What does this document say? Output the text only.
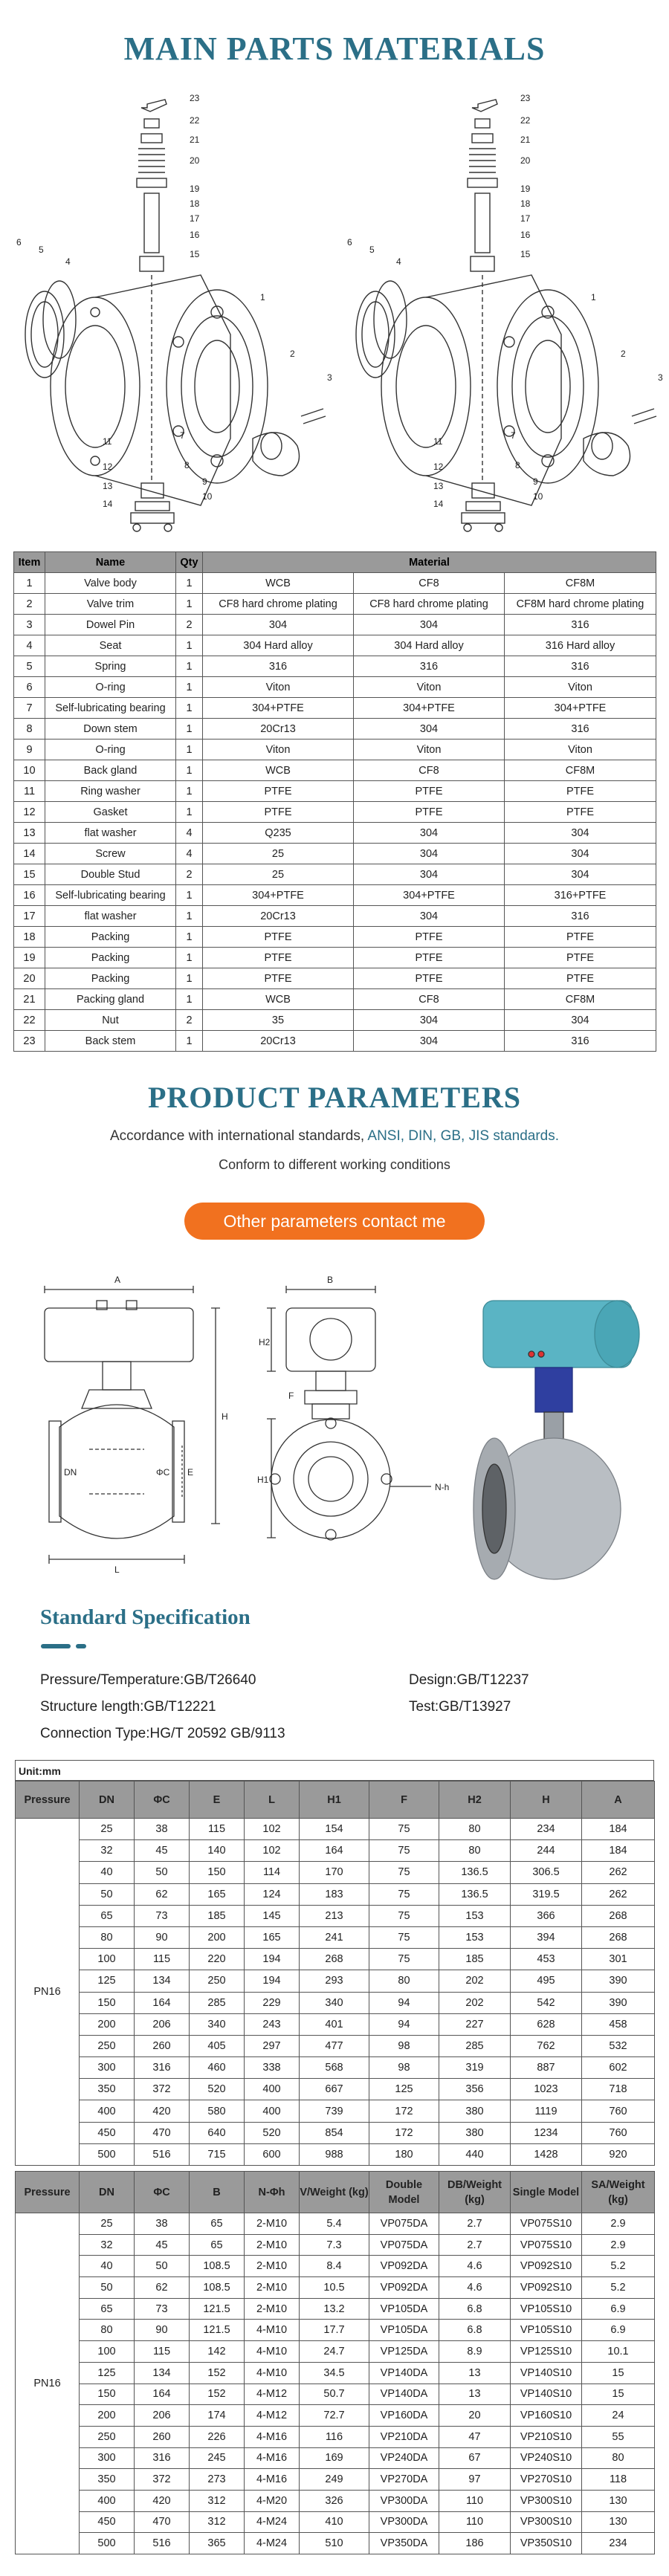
MAIN PARTS MATERIALS
23
22
21
20
19
18
17
16
15
1
6
5
4
2
3
11
7
8
12
13
14
9
10
23
22
21
20
19
18
17
16
15
1
6
5
4
2
3
11
7
8
12
13
14
9
10
Item	Name	Qty	Material		
1	Valve body	1	WCB	CF8	CF8M
2	Valve trim	1	CF8 hard chrome plating	CF8 hard chrome plating	CF8M hard chrome plating
3	Dowel Pin	2	304	304	316
4	Seat	1	304 Hard alloy	304 Hard alloy	316 Hard alloy
5	Spring	1	316	316	316
6	O-ring	1	Viton	Viton	Viton
7	Self-lubricating bearing	1	304+PTFE	304+PTFE	304+PTFE
8	Down stem	1	20Cr13	304	316
9	O-ring	1	Viton	Viton	Viton
10	Back gland	1	WCB	CF8	CF8M
11	Ring washer	1	PTFE	PTFE	PTFE
12	Gasket	1	PTFE	PTFE	PTFE
13	flat washer	4	Q235	304	304
14	Screw	4	25	304	304
15	Double Stud	2	25	304	304
16	Self-lubricating bearing	1	304+PTFE	304+PTFE	316+PTFE
17	flat washer	1	20Cr13	304	316
18	Packing	1	PTFE	PTFE	PTFE
19	Packing	1	PTFE	PTFE	PTFE
20	Packing	1	PTFE	PTFE	PTFE
21	Packing gland	1	WCB	CF8	CF8M
22	Nut	2	35	304	304
23	Back stem	1	20Cr13	304	316
PRODUCT PARAMETERS
Accordance with international standards, ANSI, DIN, GB, JIS standards.
Conform to different working conditions
Other parameters contact me
A	B
H
H2
H1
L
E
F
DN	ΦC
N-h
Standard Specification
Pressure/Temperature:GB/T26640	Design:GB/T12237
Structure length:GB/T12221	Test:GB/T13927
Connection Type:HG/T 20592 GB/9113
Unit:mm
Pressure	DN	ΦC	E	L	H1	F	H2	H	A
PN16	25	38	115	102	154	75	80	234	184
	32	45	140	102	164	75	80	244	184
	40	50	150	114	170	75	136.5	306.5	262
	50	62	165	124	183	75	136.5	319.5	262
	65	73	185	145	213	75	153	366	268
	80	90	200	165	241	75	153	394	268
	100	115	220	194	268	75	185	453	301
	125	134	250	194	293	80	202	495	390
	150	164	285	229	340	94	202	542	390
	200	206	340	243	401	94	227	628	458
	250	260	405	297	477	98	285	762	532
	300	316	460	338	568	98	319	887	602
	350	372	520	400	667	125	356	1023	718
	400	420	580	400	739	172	380	1119	760
	450	470	640	520	854	172	380	1234	760
	500	516	715	600	988	180	440	1428	920
Pressure	DN	ΦC	B	N-Φh	V/Weight (kg)	Double Model	DB/Weight (kg)	Single Model	SA/Weight (kg)
PN16	25	38	65	2-M10	5.4	VP075DA	2.7	VP075S10	2.9
	32	45	65	2-M10	7.3	VP075DA	2.7	VP075S10	2.9
	40	50	108.5	2-M10	8.4	VP092DA	4.6	VP092S10	5.2
	50	62	108.5	2-M10	10.5	VP092DA	4.6	VP092S10	5.2
	65	73	121.5	2-M10	13.2	VP105DA	6.8	VP105S10	6.9
	80	90	121.5	4-M10	17.7	VP105DA	6.8	VP105S10	6.9
	100	115	142	4-M10	24.7	VP125DA	8.9	VP125S10	10.1
	125	134	152	4-M10	34.5	VP140DA	13	VP140S10	15
	150	164	152	4-M12	50.7	VP140DA	13	VP140S10	15
	200	206	174	4-M12	72.7	VP160DA	20	VP160S10	24
	250	260	226	4-M16	116	VP210DA	47	VP210S10	55
	300	316	245	4-M16	169	VP240DA	67	VP240S10	80
	350	372	273	4-M16	249	VP270DA	97	VP270S10	118
	400	420	312	4-M20	326	VP300DA	110	VP300S10	130
	450	470	312	4-M24	410	VP300DA	110	VP300S10	130
	500	516	365	4-M24	510	VP350DA	186	VP350S10	234
